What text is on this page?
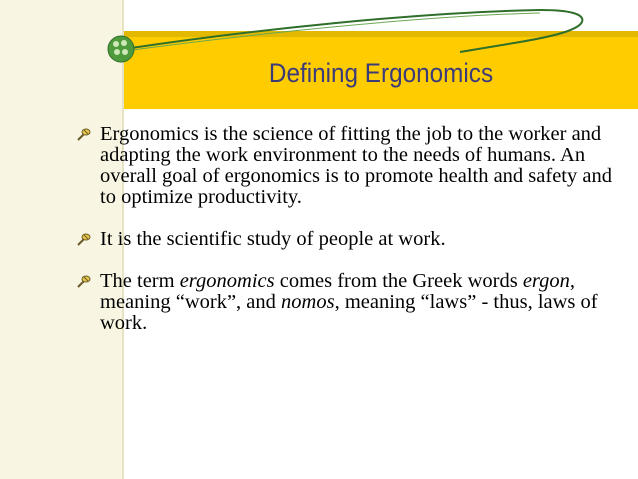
Defining Ergonomics
Ergonomics is the science of fitting the job to the worker and adapting the work environment to the needs of humans. An overall goal of ergonomics is to promote health and safety and to optimize productivity.
It is the scientific study of people at work.
The term ergonomics comes from the Greek words ergon, meaning “work”, and nomos, meaning “laws” - thus, laws of work.
